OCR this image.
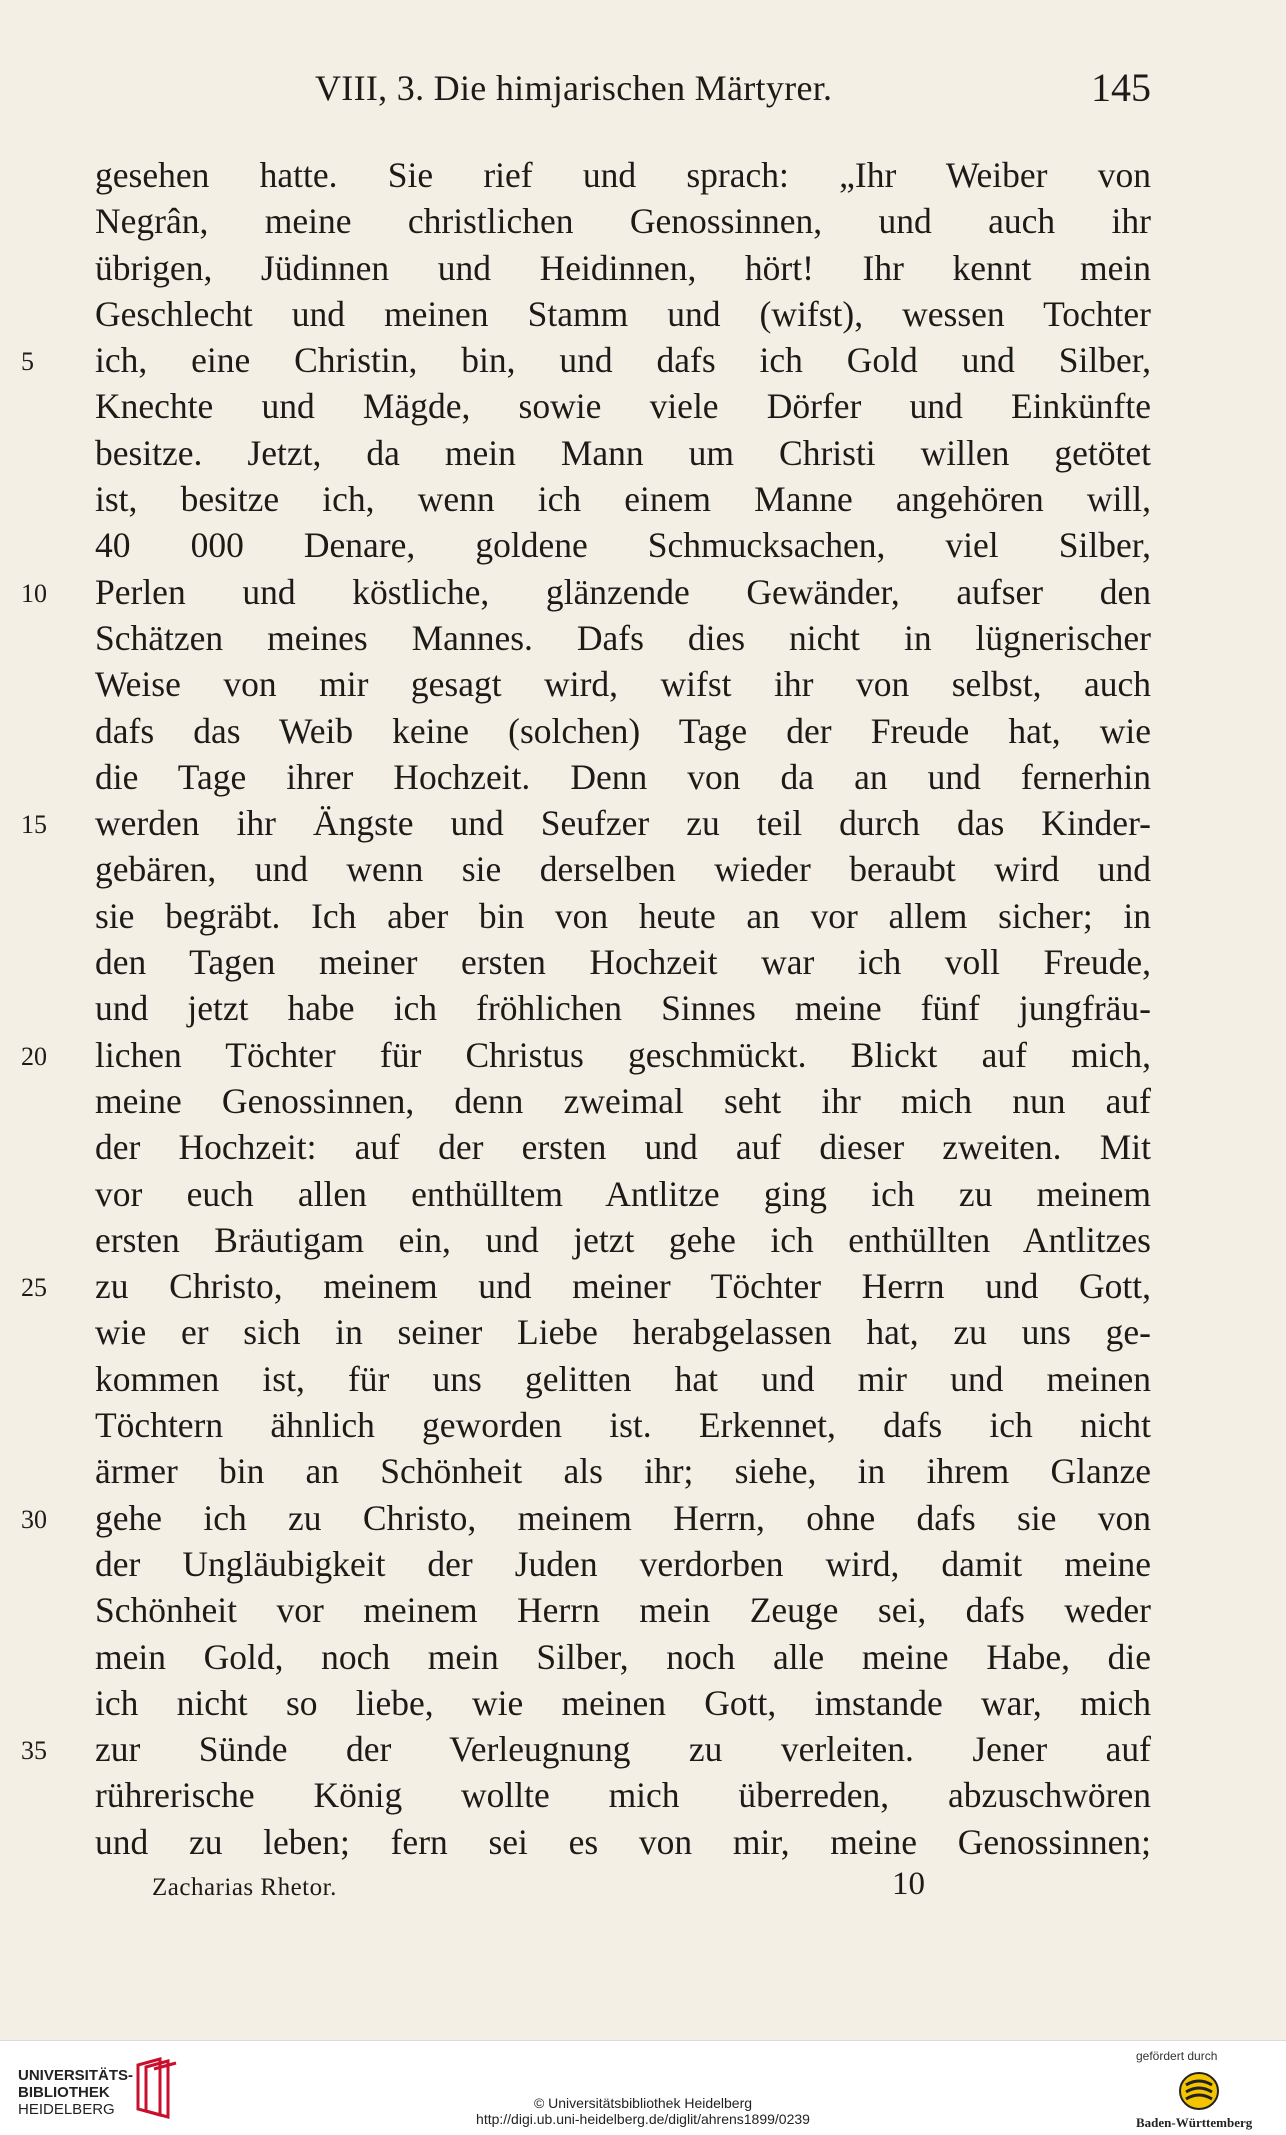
VIII, 3. Die himjarischen Märtyrer.	145
gesehen hatte. Sie rief und sprach: „Ihr Weiber von
Negrân, meine christlichen Genossinnen, und auch ihr
übrigen, Jüdinnen und Heidinnen, hört! Ihr kennt mein
Geschlecht und meinen Stamm und (wifst), wessen Tochter
5	ich, eine Christin, bin, und dafs ich Gold und Silber,
Knechte und Mägde, sowie viele Dörfer und Einkünfte
besitze. Jetzt, da mein Mann um Christi willen getötet
ist, besitze ich, wenn ich einem Manne angehören will,
40 000 Denare, goldene Schmucksachen, viel Silber,
10	Perlen und köstliche, glänzende Gewänder, aufser den
Schätzen meines Mannes. Dafs dies nicht in lügnerischer
Weise von mir gesagt wird, wifst ihr von selbst, auch
dafs das Weib keine (solchen) Tage der Freude hat, wie
die Tage ihrer Hochzeit. Denn von da an und fernerhin
15	werden ihr Ängste und Seufzer zu teil durch das Kinder-
gebären, und wenn sie derselben wieder beraubt wird und
sie begräbt. Ich aber bin von heute an vor allem sicher; in
den Tagen meiner ersten Hochzeit war ich voll Freude,
und jetzt habe ich fröhlichen Sinnes meine fünf jungfräu-
20	lichen Töchter für Christus geschmückt. Blickt auf mich,
meine Genossinnen, denn zweimal seht ihr mich nun auf
der Hochzeit: auf der ersten und auf dieser zweiten. Mit
vor euch allen enthülltem Antlitze ging ich zu meinem
ersten Bräutigam ein, und jetzt gehe ich enthüllten Antlitzes
25	zu Christo, meinem und meiner Töchter Herrn und Gott,
wie er sich in seiner Liebe herabgelassen hat, zu uns ge-
kommen ist, für uns gelitten hat und mir und meinen
Töchtern ähnlich geworden ist. Erkennet, dafs ich nicht
ärmer bin an Schönheit als ihr; siehe, in ihrem Glanze
30	gehe ich zu Christo, meinem Herrn, ohne dafs sie von
der Ungläubigkeit der Juden verdorben wird, damit meine
Schönheit vor meinem Herrn mein Zeuge sei, dafs weder
mein Gold, noch mein Silber, noch alle meine Habe, die
ich nicht so liebe, wie meinen Gott, imstande war, mich
35	zur Sünde der Verleugnung zu verleiten. Jener auf
rührerische König wollte mich überreden, abzuschwören
und zu leben; fern sei es von mir, meine Genossinnen;
Zacharias Rhetor.	10
UNIVERSITÄTS-
BIBLIOTHEK
HEIDELBERG	© Universitätsbibliothek Heidelberg
http://digi.ub.uni-heidelberg.de/diglit/ahrens1899/0239
gefördert durch
Baden-Württemberg
